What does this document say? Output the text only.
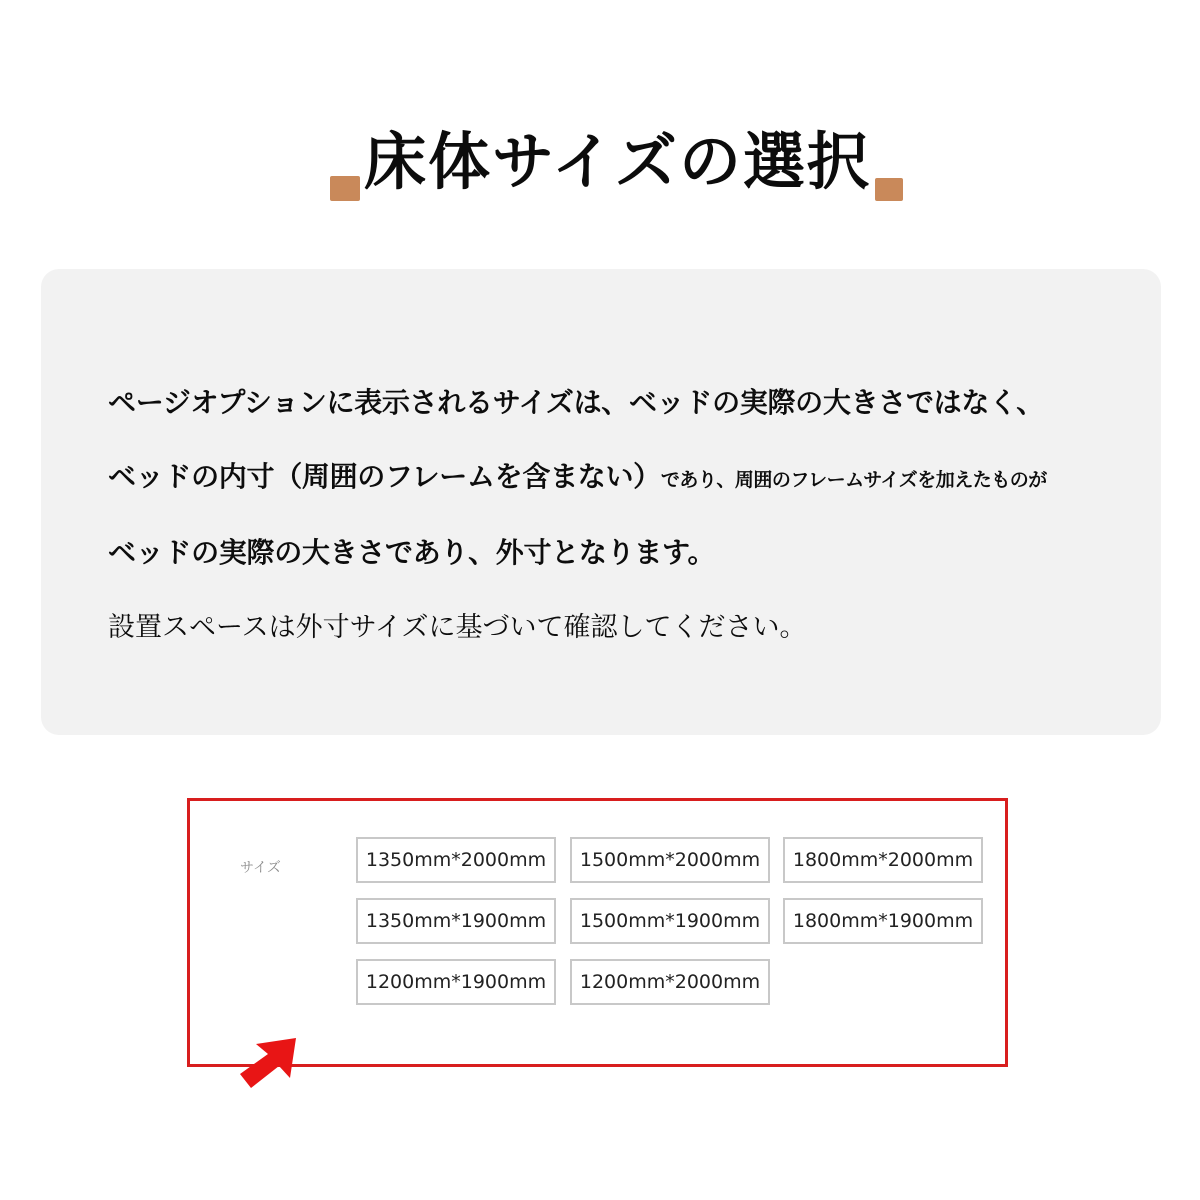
床体サイズの選択
ページオプションに表示されるサイズは、ベッドの実際の大きさではなく、
ベッドの内寸（周囲のフレームを含まない）であり、周囲のフレームサイズを加えたものが
ベッドの実際の大きさであり、外寸となります。
設置スペースは外寸サイズに基づいて確認してください。
サイズ	1350mm*2000mm	1500mm*2000mm	1800mm*2000mm
1350mm*1900mm	1500mm*1900mm	1800mm*1900mm
1200mm*1900mm	1200mm*2000mm
